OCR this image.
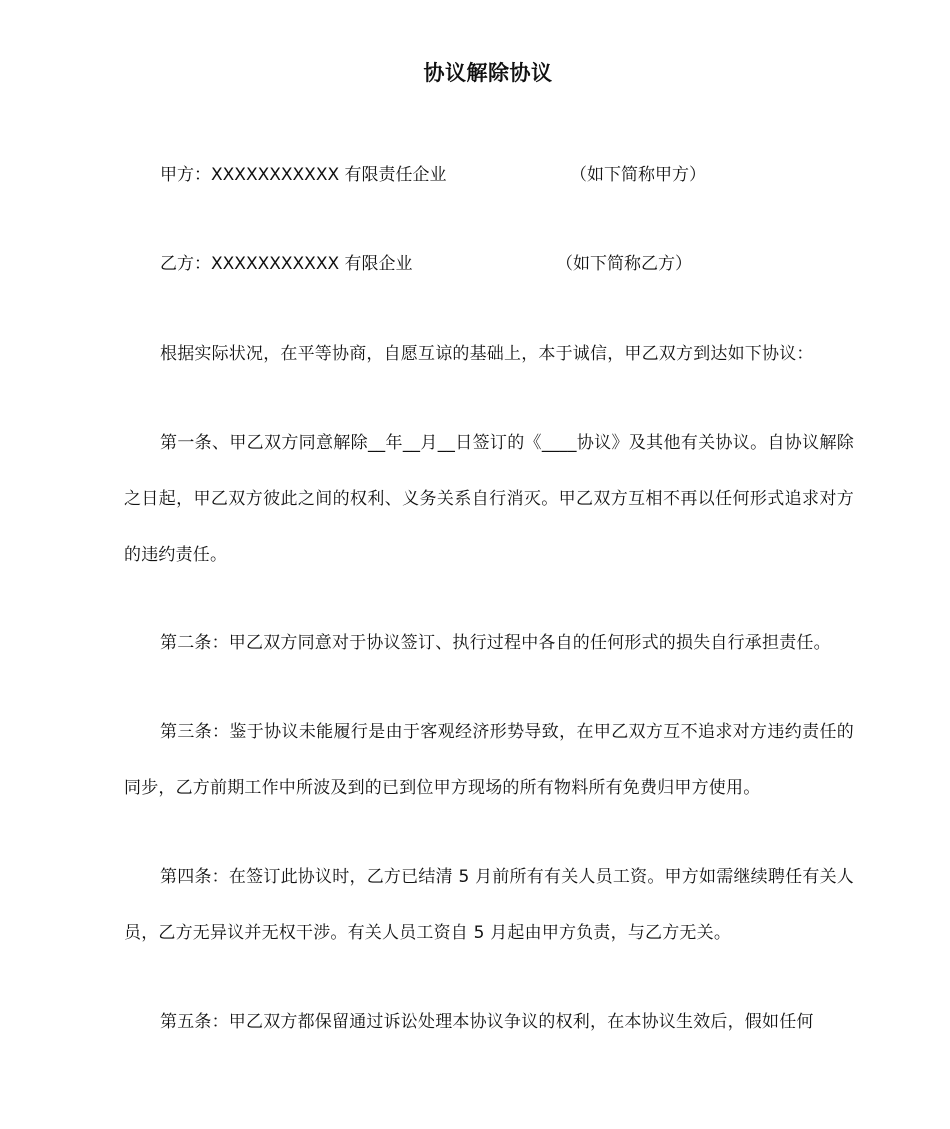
协议解除协议
甲方：XXXXXXXXXXX 有限责任企业	（如下简称甲方）
乙方：XXXXXXXXXXX 有限企业	（如下简称乙方）
根据实际状况，在平等协商，自愿互谅的基础上，本于诚信，甲乙双方到达如下协议：
第一条、甲乙双方同意解除__年__月__日签订的《____协议》及其他有关协议。自协议解除之日起，甲乙双方彼此之间的权利、义务关系自行消灭。甲乙双方互相不再以任何形式追求对方的违约责任。
第二条：甲乙双方同意对于协议签订、执行过程中各自的任何形式的损失自行承担责任。
第三条：鉴于协议未能履行是由于客观经济形势导致，在甲乙双方互不追求对方违约责任的同步，乙方前期工作中所波及到的已到位甲方现场的所有物料所有免费归甲方使用。
第四条：在签订此协议时，乙方已结清 5 月前所有有关人员工资。甲方如需继续聘任有关人员，乙方无异议并无权干涉。有关人员工资自 5 月起由甲方负责，与乙方无关。
第五条：甲乙双方都保留通过诉讼处理本协议争议的权利，在本协议生效后，假如任何
